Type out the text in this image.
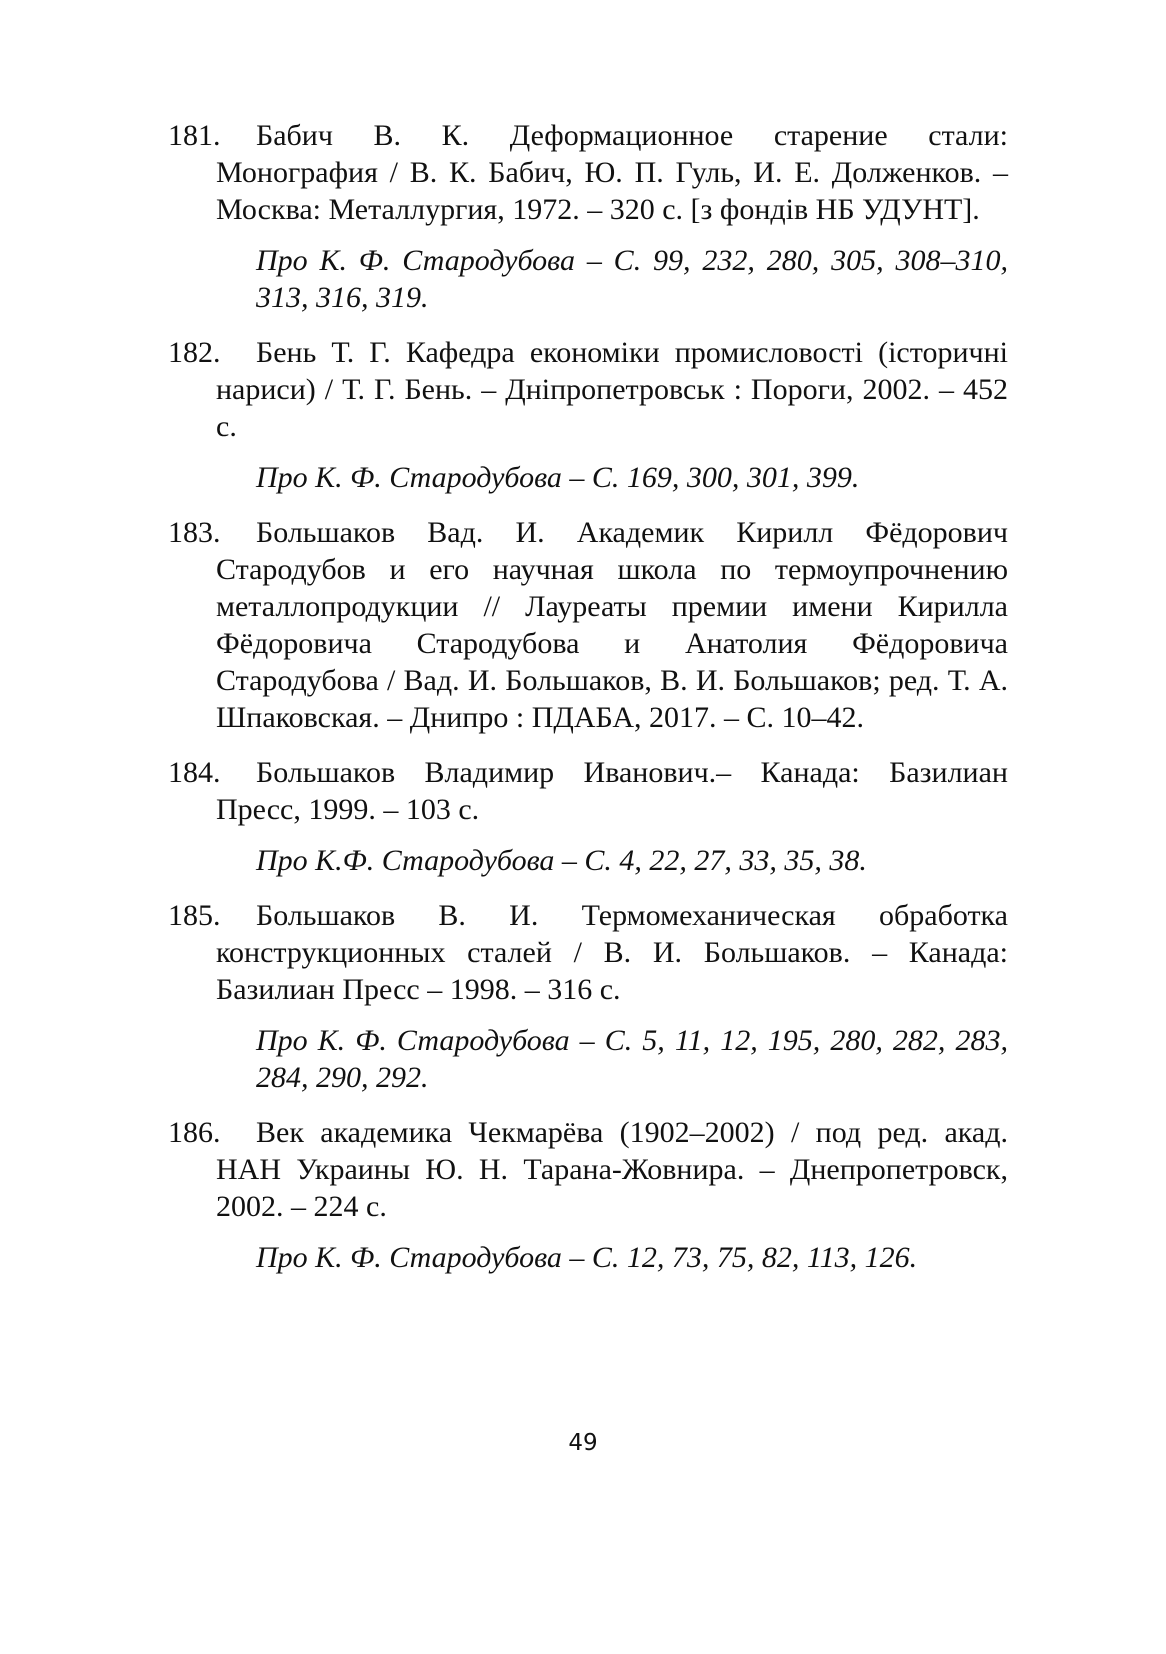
181. Бабич В. К. Деформационное старение стали: Монография / В. К. Бабич, Ю. П. Гуль, И. Е. Долженков. – Москва: Металлургия, 1972. – 320 с. [з фондів НБ УДУНТ].

Про К. Ф. Стародубова – С. 99, 232, 280, 305, 308–310, 313, 316, 319.

182. Бень Т. Г. Кафедра економіки промисловості (історичні нариси) / Т. Г. Бень. – Дніпропетровськ : Пороги, 2002. – 452 с.

Про К. Ф. Стародубова – С. 169, 300, 301, 399.

183. Большаков Вад. И. Академик Кирилл Фёдорович Стародубов и его научная школа по термоупрочнению металлопродукции // Лауреаты премии имени Кирилла Фёдоровича Стародубова и Анатолия Фёдоровича Стародубова / Вад. И. Большаков, В. И. Большаков; ред. Т. А. Шпаковская. – Днипро : ПДАБА, 2017. – С. 10–42.

184. Большаков Владимир Иванович.– Канада: Базилиан Пресс, 1999. – 103 с.

Про К.Ф. Стародубова – С. 4, 22, 27, 33, 35, 38.

185. Большаков В. И. Термомеханическая обработка конструкционных сталей / В. И. Большаков. – Канада: Базилиан Пресс – 1998. – 316 с.

Про К. Ф. Стародубова – С. 5, 11, 12, 195, 280, 282, 283, 284, 290, 292.

186. Век академика Чекмарёва (1902–2002) / под ред. акад. НАН Украины Ю. Н. Тарана-Жовнира. – Днепропетровск, 2002. – 224 с.

Про К. Ф. Стародубова – С. 12, 73, 75, 82, 113, 126.

49
